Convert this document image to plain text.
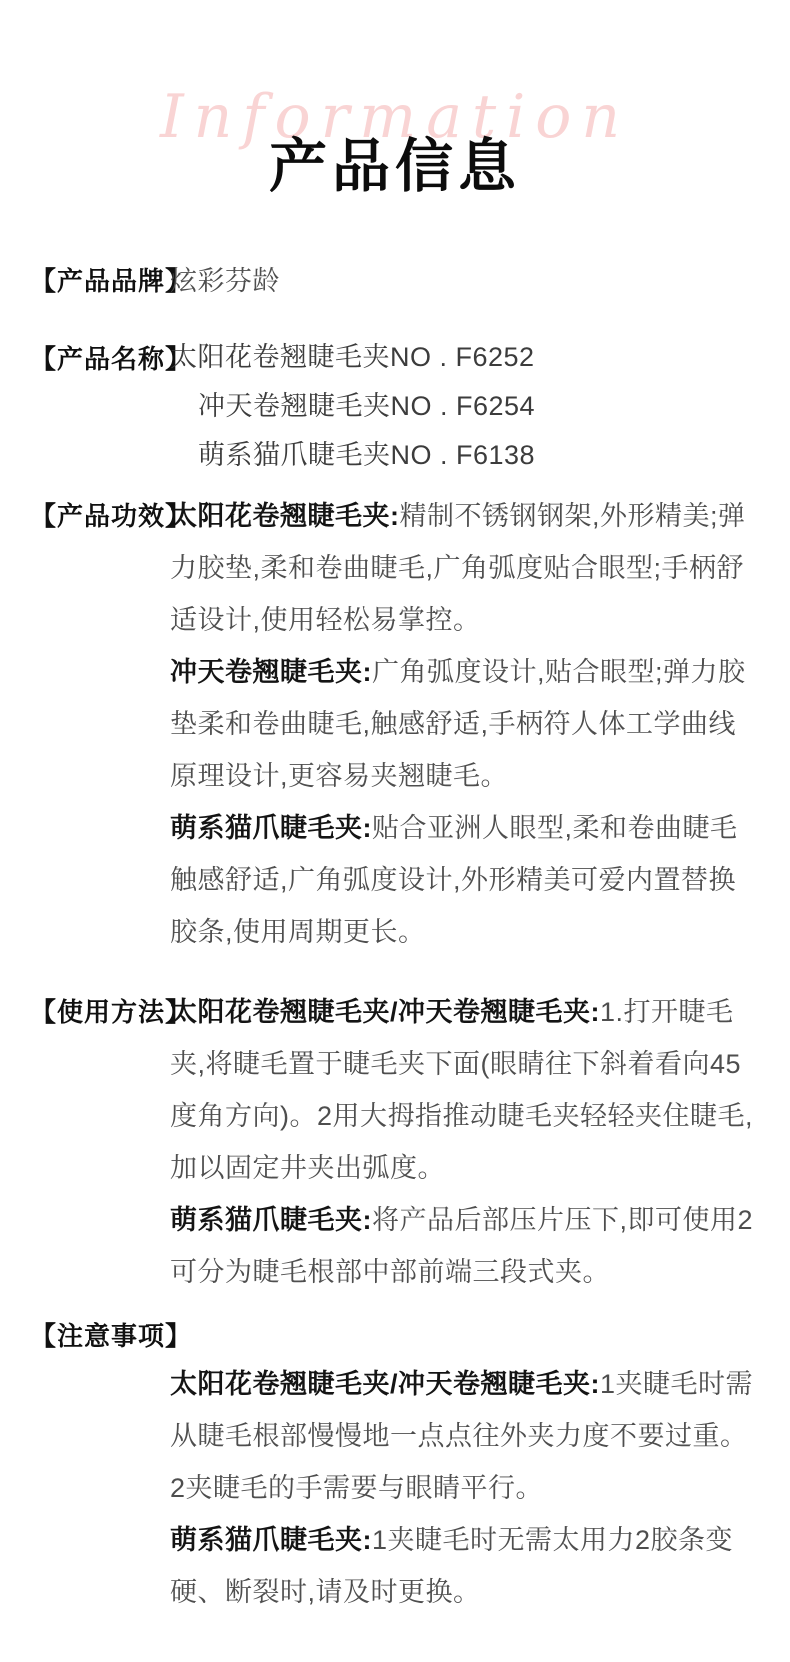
Information
产品信息
【产品品牌】
炫彩芬龄
【产品名称】
太阳花卷翘睫毛夹NO . F6252
冲天卷翘睫毛夹NO . F6254
萌系猫爪睫毛夹NO . F6138
【产品功效】
太阳花卷翘睫毛夹:精制不锈钢钢架,外形精美;弹力胶垫,柔和卷曲睫毛,广角弧度贴合眼型;手柄舒适设计,使用轻松易掌控。
冲天卷翘睫毛夹:广角弧度设计,贴合眼型;弹力胶垫柔和卷曲睫毛,触感舒适,手柄符人体工学曲线原理设计,更容易夹翘睫毛。
萌系猫爪睫毛夹:贴合亚洲人眼型,柔和卷曲睫毛触感舒适,广角弧度设计,外形精美可爱内置替换胶条,使用周期更长。
【使用方法】
太阳花卷翘睫毛夹/冲天卷翘睫毛夹:1.打开睫毛夹,将睫毛置于睫毛夹下面(眼睛往下斜着看向45度角方向)。2用大拇指推动睫毛夹轻轻夹住睫毛,加以固定井夹出弧度。
萌系猫爪睫毛夹:将产品后部压片压下,即可使用2可分为睫毛根部中部前端三段式夹。
【注意事项】
太阳花卷翘睫毛夹/冲天卷翘睫毛夹:1夹睫毛时需从睫毛根部慢慢地一点点往外夹力度不要过重。2夹睫毛的手需要与眼睛平行。
萌系猫爪睫毛夹:1夹睫毛时无需太用力2胶条变硬、断裂时,请及时更换。
